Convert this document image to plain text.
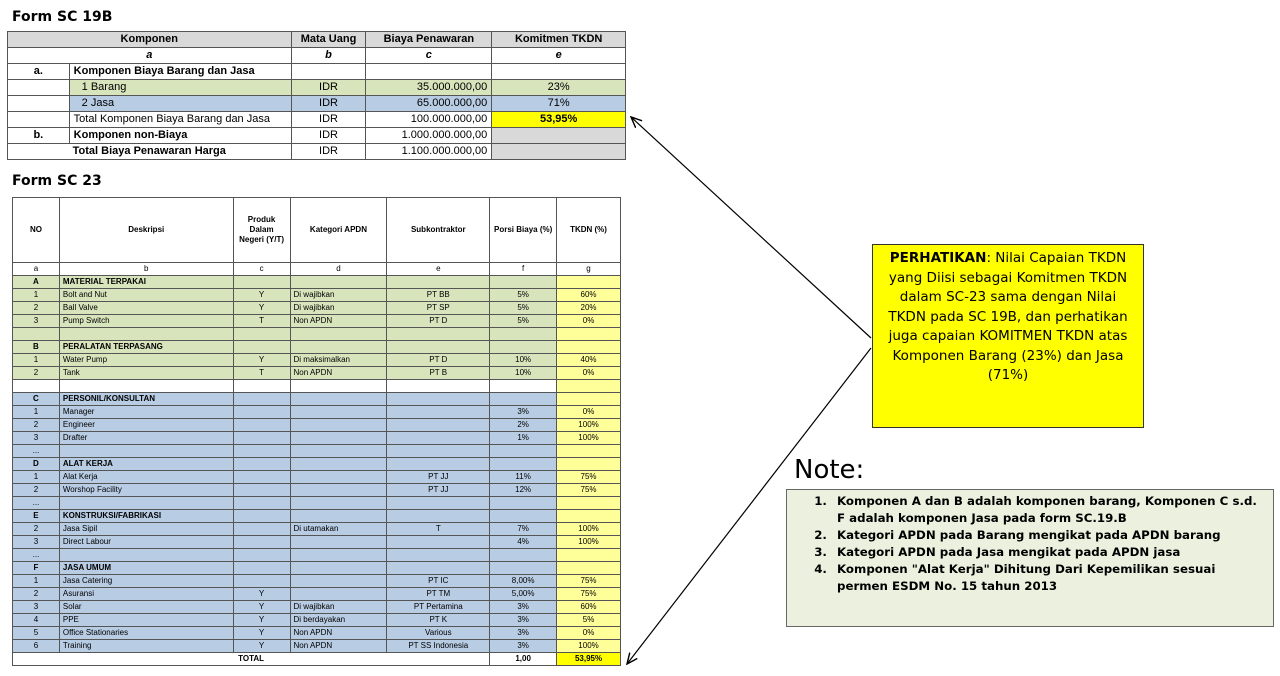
Form SC 19B
Komponen		Mata Uang	Biaya Penawaran	Komitmen TKDN
a		b	c	e
a.	Komponen Biaya Barang dan Jasa			
	1 Barang	IDR	35.000.000,00	23%
	2 Jasa	IDR	65.000.000,00	71%
	Total Komponen Biaya Barang dan Jasa	IDR	100.000.000,00	53,95%
b.	Komponen non-Biaya	IDR	1.000.000.000,00	
Total Biaya Penawaran Harga		IDR	1.100.000.000,00	
Form SC 23
NO	Deskripsi	Produk Dalam Negeri (Y/T)	Kategori APDN	Subkontraktor	Porsi Biaya (%)	TKDN (%)
a	b	c	d	e	f	g
A	MATERIAL TERPAKAI					
1	Bolt and Nut	Y	Di wajibkan	PT BB	5%	60%
2	Ball Valve	Y	Di wajibkan	PT SP	5%	20%
3	Pump Switch	T	Non APDN	PT D	5%	0%

B	PERALATAN TERPASANG					
1	Water Pump	Y	Di maksimalkan	PT D	10%	40%
2	Tank	T	Non APDN	PT B	10%	0%

C	PERSONIL/KONSULTAN					
1	Manager				3%	0%
2	Engineer				2%	100%
3	Drafter				1%	100%
...						
D	ALAT KERJA					
1	Alat Kerja			PT JJ	11%	75%
2	Worshop Facility			PT JJ	12%	75%
...						
E	KONSTRUKSI/FABRIKASI					
2	Jasa Sipil		Di utamakan	T	7%	100%
3	Direct Labour				4%	100%
...						
F	JASA UMUM					
1	Jasa Catering			PT IC	8,00%	75%
2	Asuransi	Y		PT TM	5,00%	75%
3	Solar	Y	Di wajibkan	PT Pertamina	3%	60%
4	PPE	Y	Di berdayakan	PT K	3%	5%
5	Office Stationaries	Y	Non APDN	Various	3%	0%
6	Training	Y	Non APDN	PT SS Indonesia	3%	100%
TOTAL					1,00	53,95%
PERHATIKAN: Nilai Capaian TKDN yang Diisi sebagai Komitmen TKDN dalam SC-23 sama dengan Nilai TKDN pada SC 19B, dan perhatikan juga capaian KOMITMEN TKDN atas Komponen Barang (23%) dan Jasa (71%)
Note:
1. Komponen A dan B adalah komponen barang, Komponen C s.d. F adalah komponen Jasa pada form SC.19.B
2. Kategori APDN pada Barang mengikat pada APDN barang
3. Kategori APDN pada Jasa mengikat pada APDN jasa
4. Komponen "Alat Kerja" Dihitung Dari Kepemilikan sesuai permen ESDM No. 15 tahun 2013
